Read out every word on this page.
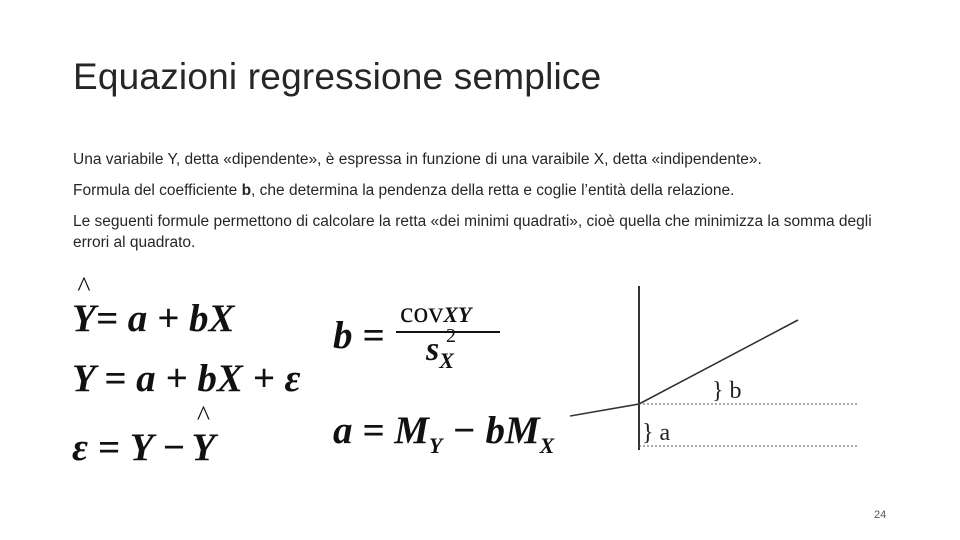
Equazioni regressione semplice
Una variabile Y, detta «dipendente», è espressa in funzione di una varaibile X, detta «indipendente».
Formula del coefficiente b, che determina la pendenza della retta e coglie l’entità della relazione.
Le seguenti formule permettono di calcolare la retta «dei minimi quadrati», cioè quella che minimizza la somma degli errori al quadrato.
^ Y= a + bX
Y = a + bX + ε
ε = Y −^ Y
b =
covXY
s 2
$_X$
$a = M_Y - bM_X$
} b
} a
24
